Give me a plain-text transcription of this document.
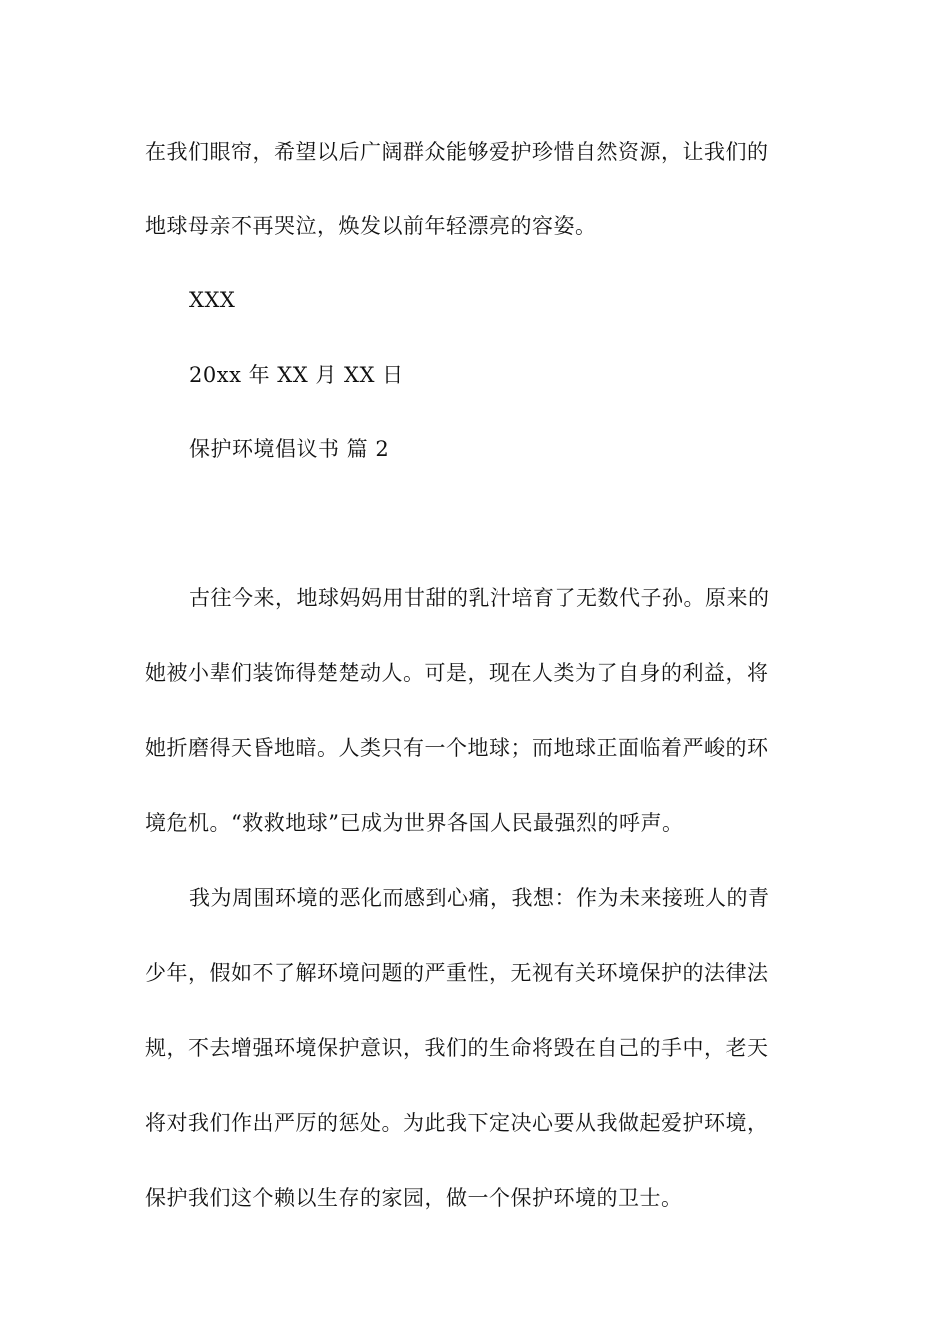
在我们眼帘，希望以后广阔群众能够爱护珍惜自然资源，让我们的
地球母亲不再哭泣，焕发以前年轻漂亮的容姿。
XXX
20xx 年 XX 月 XX 日
保护环境倡议书 篇 2
古往今来，地球妈妈用甘甜的乳汁培育了无数代子孙。原来的
她被小辈们装饰得楚楚动人。可是，现在人类为了自身的利益，将
她折磨得天昏地暗。人类只有一个地球；而地球正面临着严峻的环
境危机。“救救地球”已成为世界各国人民最强烈的呼声。
我为周围环境的恶化而感到心痛，我想：作为未来接班人的青
少年，假如不了解环境问题的严重性，无视有关环境保护的法律法
规，不去增强环境保护意识，我们的生命将毁在自己的手中，老天
将对我们作出严厉的惩处。为此我下定决心要从我做起爱护环境，
保护我们这个赖以生存的家园，做一个保护环境的卫士。
